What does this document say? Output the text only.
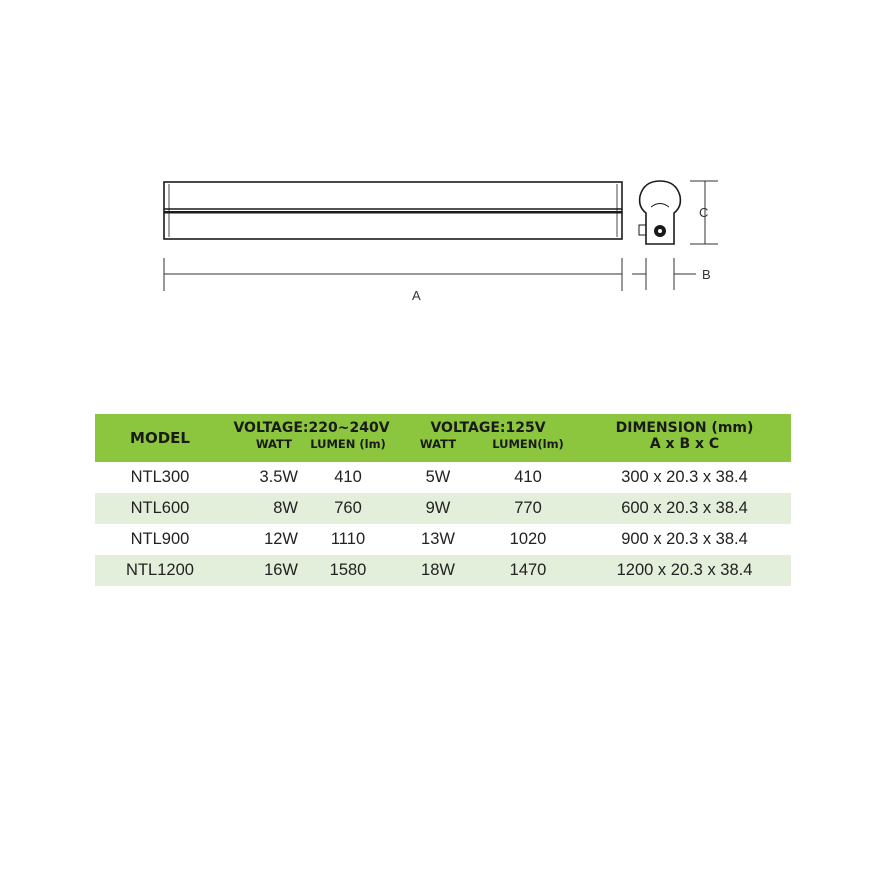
A
C
B
MODEL	VOLTAGE:220~240V		VOLTAGE:125V		DIMENSION (mm)
	WATT	LUMEN (lm)	WATT	LUMEN(lm)	A x B x C
NTL300	3.5W	410	5W	410	300 x 20.3 x 38.4
NTL600	8W	760	9W	770	600 x 20.3 x 38.4
NTL900	12W	1110	13W	1020	900 x 20.3 x 38.4
NTL1200	16W	1580	18W	1470	1200 x 20.3 x 38.4
